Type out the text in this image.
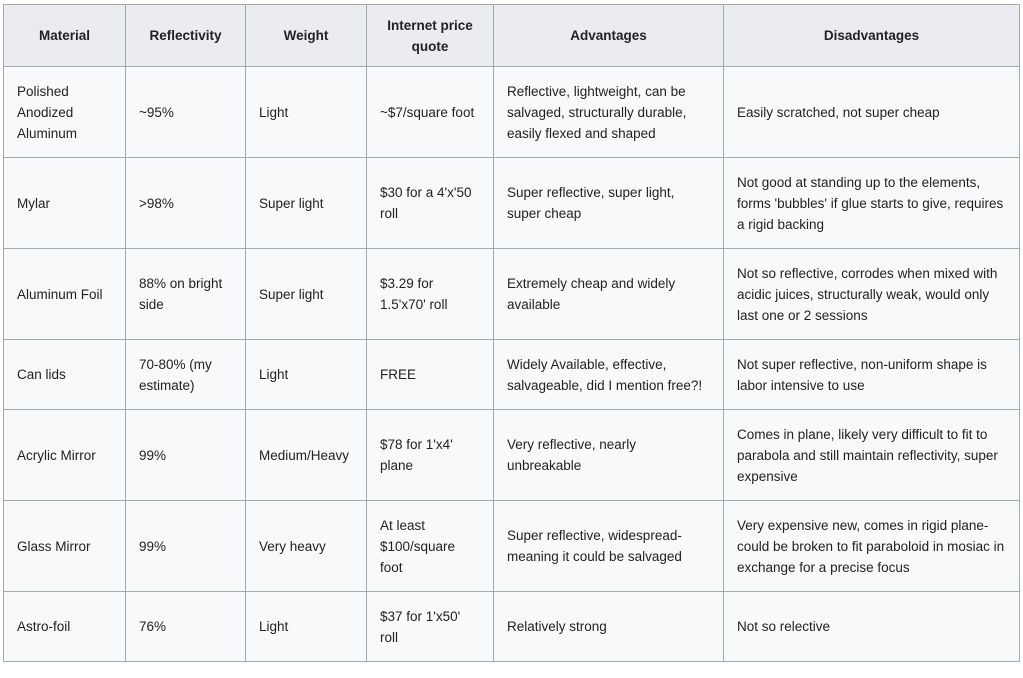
Material	Reflectivity	Weight	Internet price quote	Advantages	Disadvantages
Polished Anodized Aluminum	~95%	Light	~$7/square foot	Reflective, lightweight, can be salvaged, structurally durable, easily flexed and shaped	Easily scratched, not super cheap
Mylar	>98%	Super light	$30 for a 4'x'50 roll	Super reflective, super light, super cheap	Not good at standing up to the elements, forms 'bubbles' if glue starts to give, requires a rigid backing
Aluminum Foil	88% on bright side	Super light	$3.29 for 1.5'x70' roll	Extremely cheap and widely available	Not so reflective, corrodes when mixed with acidic juices, structurally weak, would only last one or 2 sessions
Can lids	70-80% (my estimate)	Light	FREE	Widely Available, effective, salvageable, did I mention free?!	Not super reflective, non-uniform shape is labor intensive to use
Acrylic Mirror	99%	Medium/Heavy	$78 for 1'x4' plane	Very reflective, nearly unbreakable	Comes in plane, likely very difficult to fit to parabola and still maintain reflectivity, super expensive
Glass Mirror	99%	Very heavy	At least $100/square foot	Super reflective, widespread-meaning it could be salvaged	Very expensive new, comes in rigid plane- could be broken to fit paraboloid in mosiac in exchange for a precise focus
Astro-foil	76%	Light	$37 for 1'x50' roll	Relatively strong	Not so relective
